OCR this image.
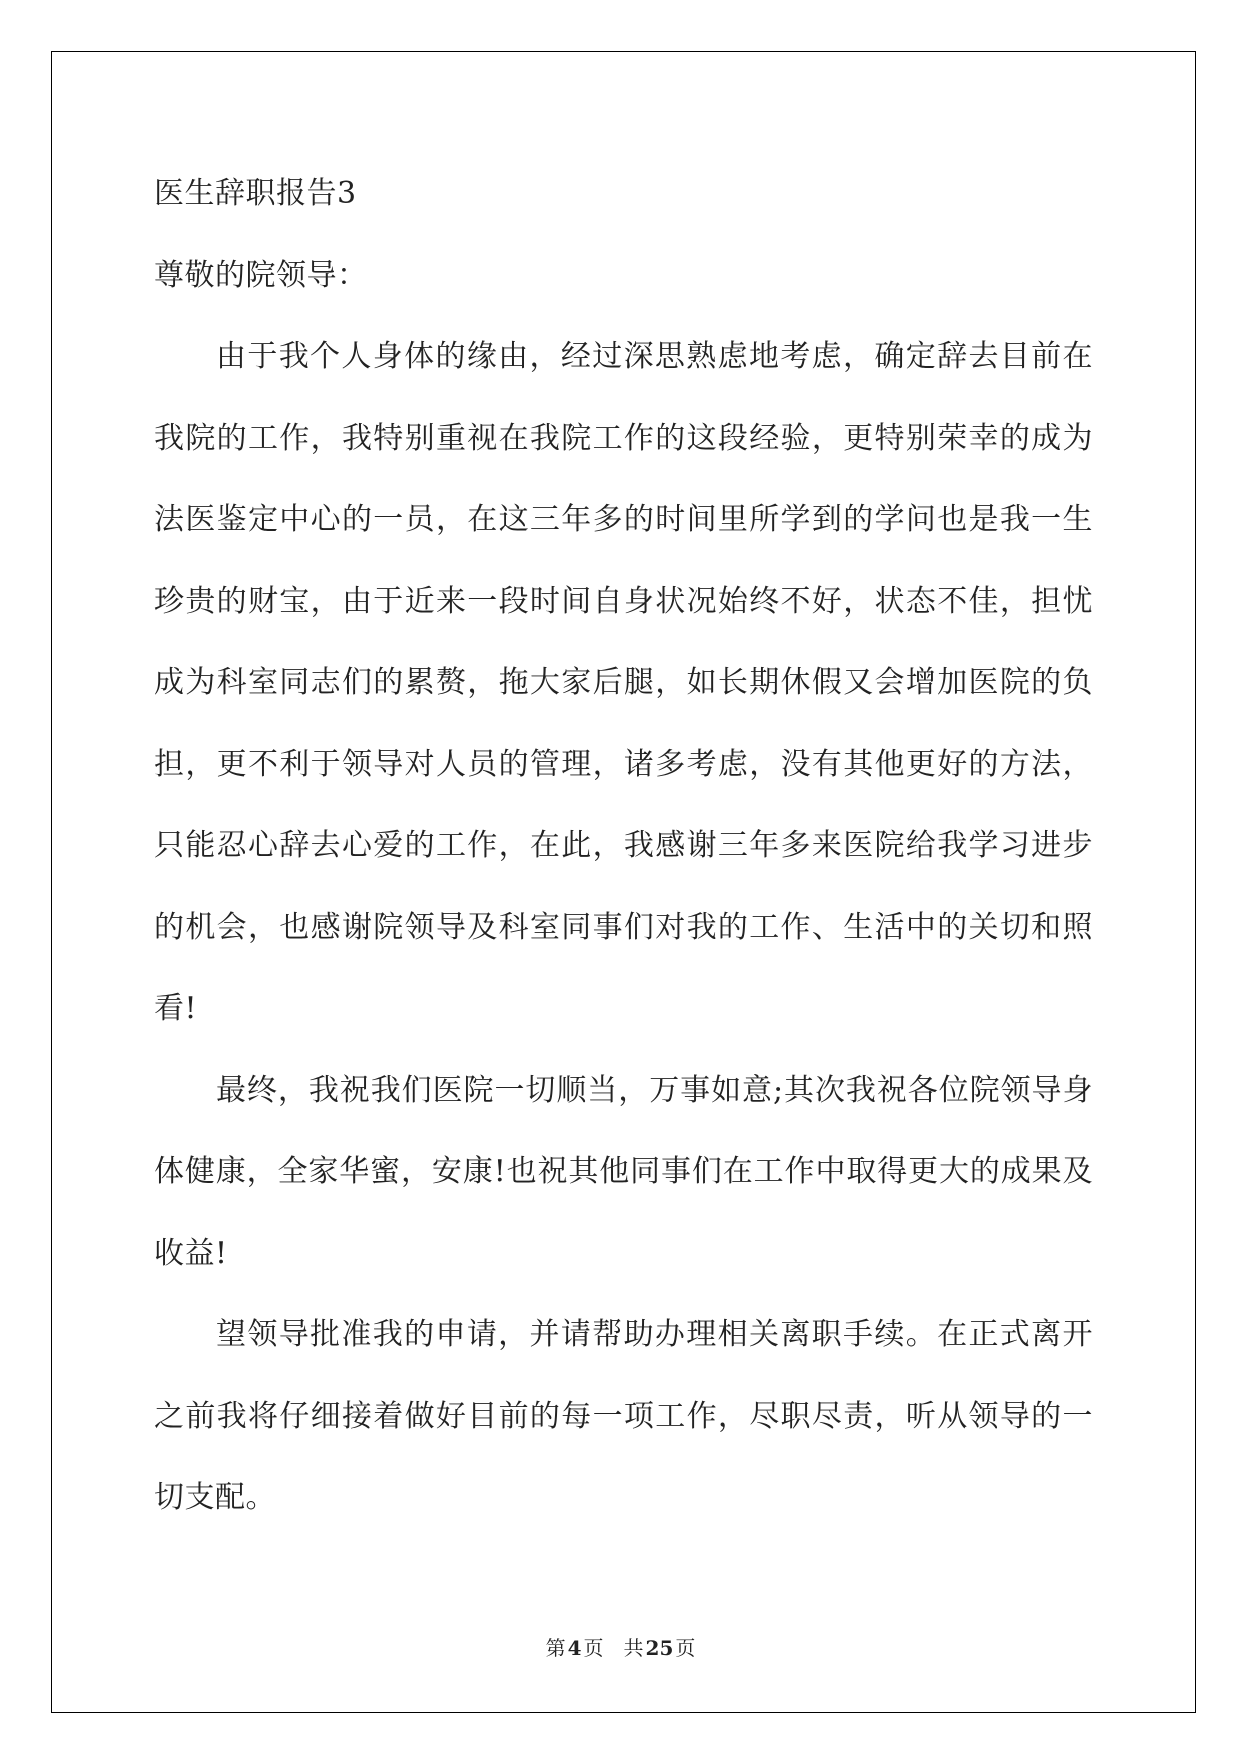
医生辞职报告3
尊敬的院领导：
由于我个人身体的缘由，经过深思熟虑地考虑，确定辞去目前在
我院的工作，我特别重视在我院工作的这段经验，更特别荣幸的成为
法医鉴定中心的一员，在这三年多的时间里所学到的学问也是我一生
珍贵的财宝，由于近来一段时间自身状况始终不好，状态不佳，担忧
成为科室同志们的累赘，拖大家后腿，如长期休假又会增加医院的负
担，更不利于领导对人员的管理，诸多考虑，没有其他更好的方法，
只能忍心辞去心爱的工作，在此，我感谢三年多来医院给我学习进步
的机会，也感谢院领导及科室同事们对我的工作、生活中的关切和照
看!
最终，我祝我们医院一切顺当，万事如意;其次我祝各位院领导身
体健康，全家华蜜，安康!也祝其他同事们在工作中取得更大的成果及
收益!
望领导批准我的申请，并请帮助办理相关离职手续。在正式离开
之前我将仔细接着做好目前的每一项工作，尽职尽责，听从领导的一
切支配。
第 4 页 共 25 页
